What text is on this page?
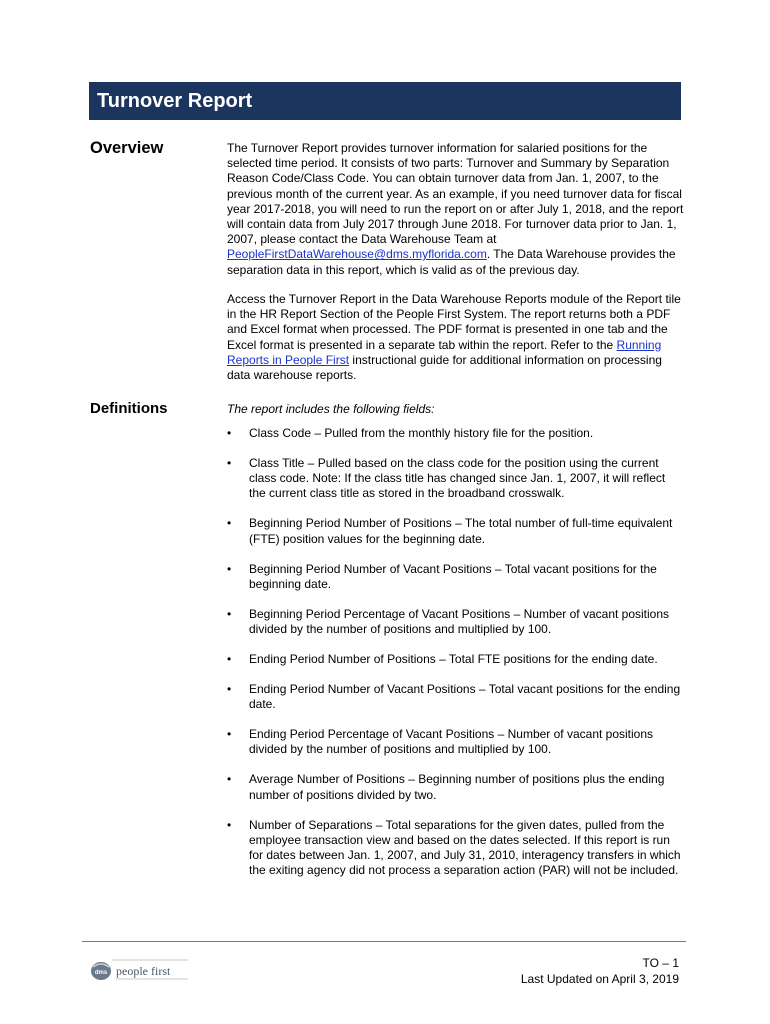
Turnover Report
Overview	The Turnover Report provides turnover information for salaried positions for the selected time period. It consists of two parts: Turnover and Summary by Separation Reason Code/Class Code. You can obtain turnover data from Jan. 1, 2007, to the previous month of the current year. As an example, if you need turnover data for fiscal year 2017-2018, you will need to run the report on or after July 1, 2018, and the report will contain data from July 2017 through June 2018. For turnover data prior to Jan. 1, 2007, please contact the Data Warehouse Team at PeopleFirstDataWarehouse@dms.myflorida.com. The Data Warehouse provides the separation data in this report, which is valid as of the previous day.

Access the Turnover Report in the Data Warehouse Reports module of the Report tile in the HR Report Section of the People First System. The report returns both a PDF and Excel format when processed. The PDF format is presented in one tab and the Excel format is presented in a separate tab within the report. Refer to the Running Reports in People First instructional guide for additional information on processing data warehouse reports.

Definitions	The report includes the following fields:

• Class Code – Pulled from the monthly history file for the position.
• Class Title – Pulled based on the class code for the position using the current class code. Note: If the class title has changed since Jan. 1, 2007, it will reflect the current class title as stored in the broadband crosswalk.
• Beginning Period Number of Positions – The total number of full-time equivalent (FTE) position values for the beginning date.
• Beginning Period Number of Vacant Positions – Total vacant positions for the beginning date.
• Beginning Period Percentage of Vacant Positions – Number of vacant positions divided by the number of positions and multiplied by 100.
• Ending Period Number of Positions – Total FTE positions for the ending date.
• Ending Period Number of Vacant Positions – Total vacant positions for the ending date.
• Ending Period Percentage of Vacant Positions – Number of vacant positions divided by the number of positions and multiplied by 100.
• Average Number of Positions – Beginning number of positions plus the ending number of positions divided by two.
• Number of Separations – Total separations for the given dates, pulled from the employee transaction view and based on the dates selected. If this report is run for dates between Jan. 1, 2007, and July 31, 2010, interagency transfers in which the exiting agency did not process a separation action (PAR) will not be included.
dms people first
TO – 1
Last Updated on April 3, 2019
